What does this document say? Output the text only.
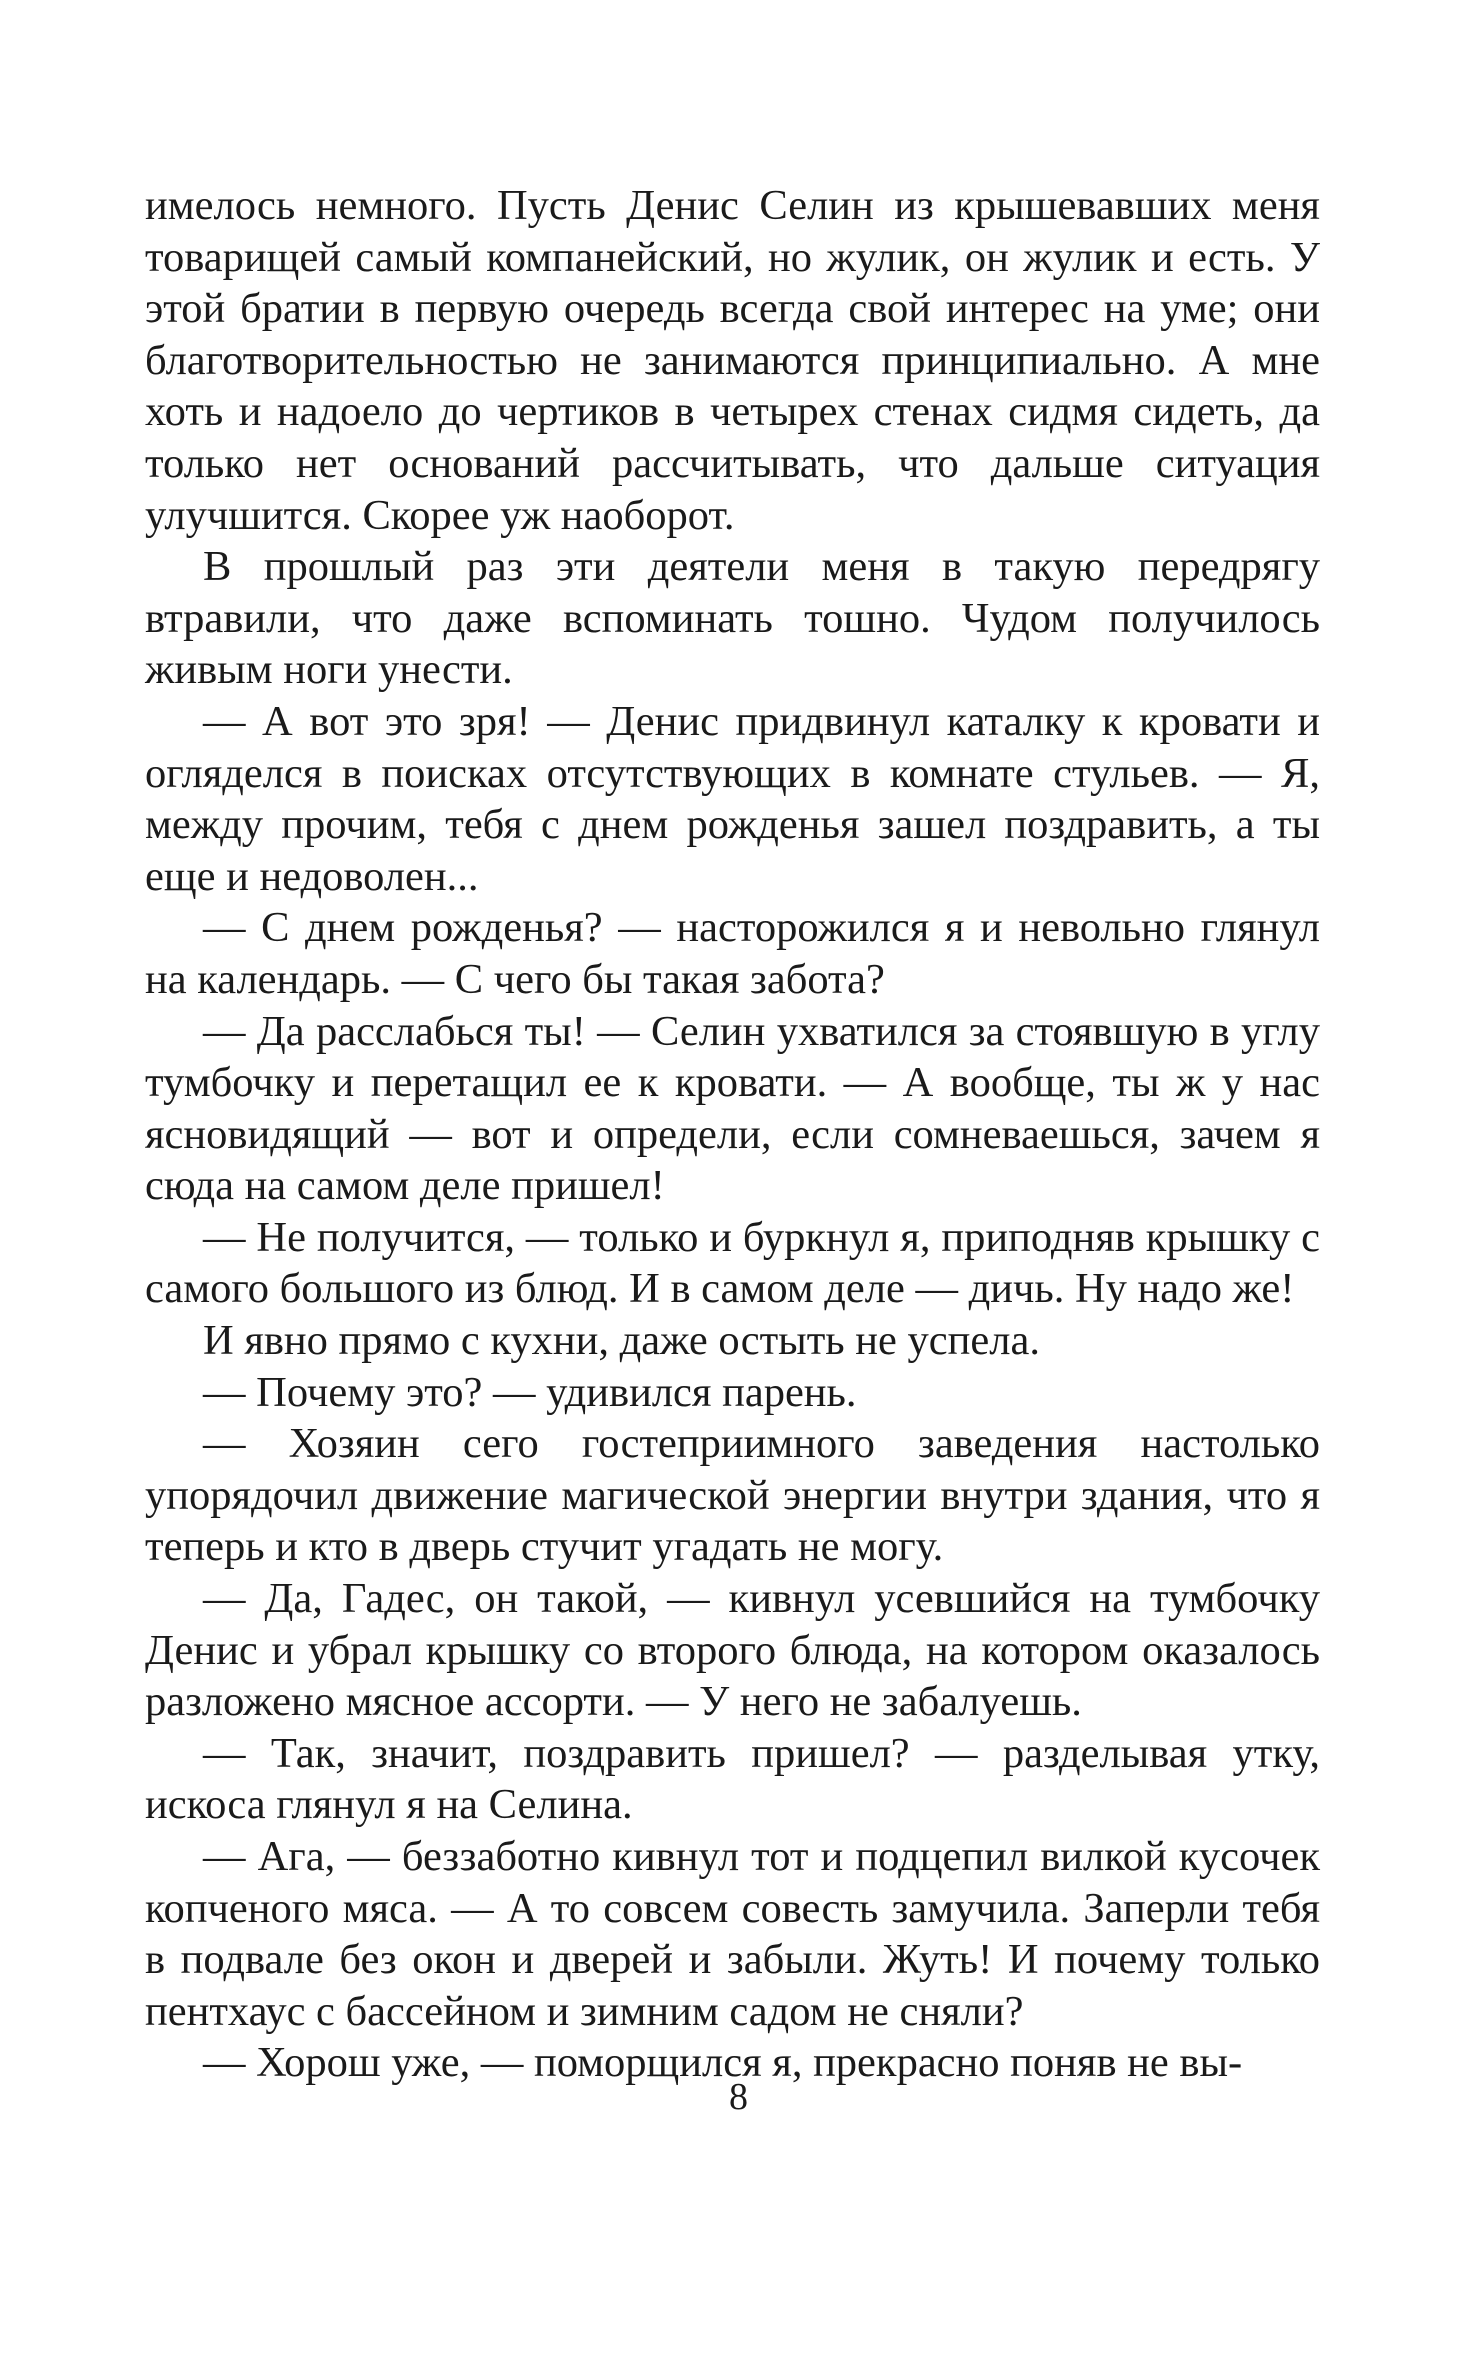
имелось немного. Пусть Денис Селин из крышевавших меня товарищей самый компанейский, но жулик, он жулик и есть. У этой братии в первую очередь всегда свой интерес на уме; они благотворительностью не занимаются принципиально. А мне хоть и надоело до чертиков в четырех стенах сидмя сидеть, да только нет оснований рассчитывать, что дальше ситуация улучшится. Скорее уж наоборот.

В прошлый раз эти деятели меня в такую передрягу втравили, что даже вспоминать тошно. Чудом получилось живым ноги унести.

— А вот это зря! — Денис придвинул каталку к кровати и огляделся в поисках отсутствующих в комнате стульев. — Я, между прочим, тебя с днем рожденья зашел поздравить, а ты еще и недоволен...

— С днем рожденья? — насторожился я и невольно глянул на календарь. — С чего бы такая забота?

— Да расслабься ты! — Селин ухватился за стоявшую в углу тумбочку и перетащил ее к кровати. — А вообще, ты ж у нас ясновидящий — вот и определи, если сомневаешься, зачем я сюда на самом деле пришел!

— Не получится, — только и буркнул я, приподняв крышку с самого большого из блюд. И в самом деле — дичь. Ну надо же!

И явно прямо с кухни, даже остыть не успела.

— Почему это? — удивился парень.

— Хозяин сего гостеприимного заведения настолько упорядочил движение магической энергии внутри здания, что я теперь и кто в дверь стучит угадать не могу.

— Да, Гадес, он такой, — кивнул усевшийся на тумбочку Денис и убрал крышку со второго блюда, на котором оказалось разложено мясное ассорти. — У него не забалуешь.

— Так, значит, поздравить пришел? — разделывая утку, искоса глянул я на Селина.

— Ага, — беззаботно кивнул тот и подцепил вилкой кусочек копченого мяса. — А то совсем совесть замучила. Заперли тебя в подвале без окон и дверей и забыли. Жуть! И почему только пентхаус с бассейном и зимним садом не сняли?

— Хорош уже, — поморщился я, прекрасно поняв не вы-

8
